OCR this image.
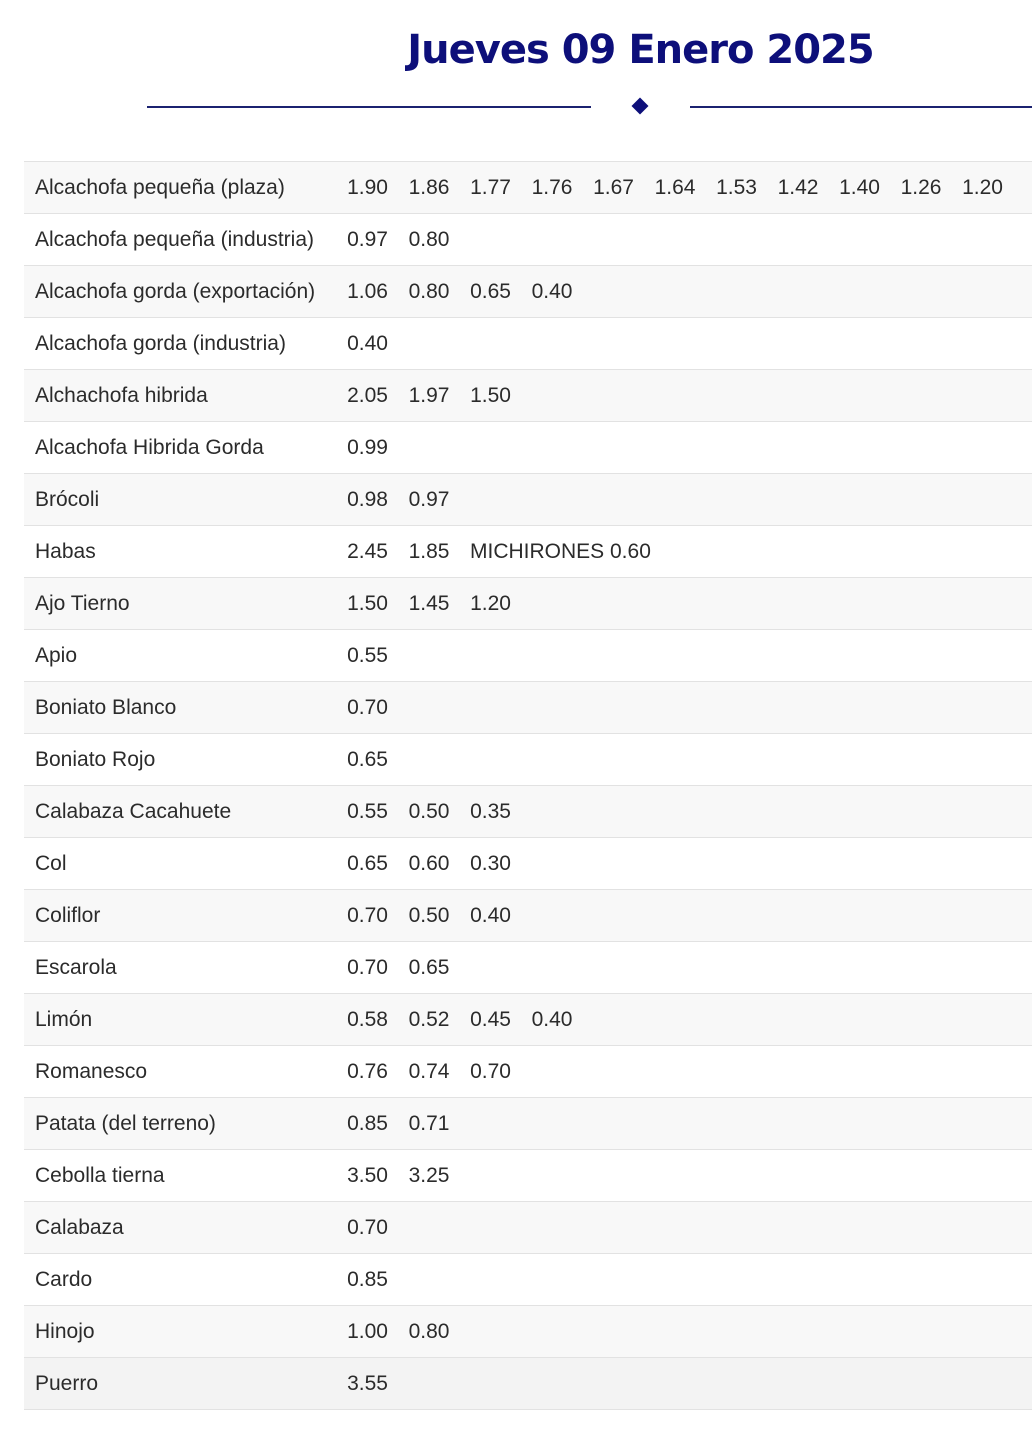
Jueves 09 Enero 2025
Alcachofa pequeña (plaza)	1.90	1.86	1.77	1.76	1.67	1.64	1.53	1.42	1.40	1.26	1.20	
Alcachofa pequeña (industria)	0.97	0.80										
Alcachofa gorda (exportación)	1.06	0.80	0.65	0.40								
Alcachofa gorda (industria)	0.40											
Alchachofa hibrida	2.05	1.97	1.50									
Alcachofa Hibrida Gorda	0.99											
Brócoli	0.98	0.97										
Habas	2.45	1.85	MICHIRONES 0.60									
Ajo Tierno	1.50	1.45	1.20									
Apio	0.55											
Boniato Blanco	0.70											
Boniato Rojo	0.65											
Calabaza Cacahuete	0.55	0.50	0.35									
Col	0.65	0.60	0.30									
Coliflor	0.70	0.50	0.40									
Escarola	0.70	0.65										
Limón	0.58	0.52	0.45	0.40								
Romanesco	0.76	0.74	0.70									
Patata (del terreno)	0.85	0.71										
Cebolla tierna	3.50	3.25										
Calabaza	0.70											
Cardo	0.85											
Hinojo	1.00	0.80										
Puerro	3.55											
